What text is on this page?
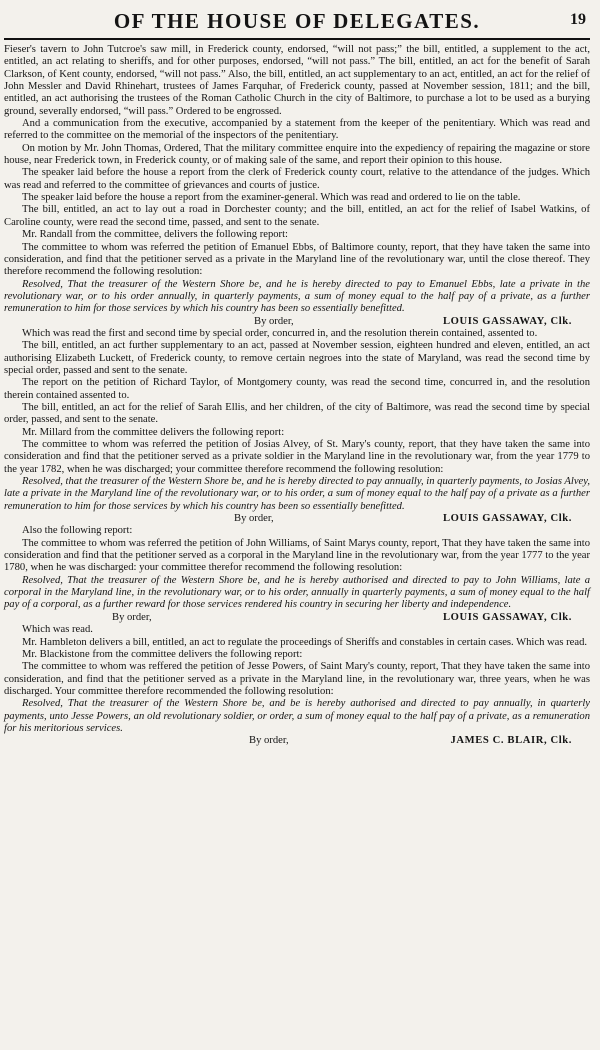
OF THE HOUSE OF DELEGATES.	19

Fieser's tavern to John Tutcroe's saw mill, in Frederick county, endorsed, “will not pass;” the bill, entitled, a supplement to the act, entitled, an act relating to sheriffs, and for other purposes, endorsed, “will not pass.” The bill, entitled, an act for the benefit of Sarah Clarkson, of Kent county, endorsed, “will not pass.” Also, the bill, entitled, an act supplementary to an act, entitled, an act for the relief of John Messler and David Rhinehart, trustees of James Farquhar, of Frederick county, passed at November session, 1811; and the bill, entitled, an act authorising the trustees of the Roman Catholic Church in the city of Baltimore, to purchase a lot to be used as a burying ground, severally endorsed, “will pass.” Ordered to be engrossed.

And a communication from the executive, accompanied by a statement from the keeper of the penitentiary. Which was read and referred to the committee on the memorial of the inspectors of the penitentiary.

On motion by Mr. John Thomas, Ordered, That the military committee enquire into the expediency of repairing the magazine or store house, near Frederick town, in Frederick county, or of making sale of the same, and report their opinion to this house.

The speaker laid before the house a report from the clerk of Frederick county court, relative to the attendance of the judges. Which was read and referred to the committee of grievances and courts of justice.

The speaker laid before the house a report from the examiner-general. Which was read and ordered to lie on the table.

The bill, entitled, an act to lay out a road in Dorchester county; and the bill, entitled, an act for the relief of Isabel Watkins, of Caroline county, were read the second time, passed, and sent to the senate.

Mr. Randall from the committee, delivers the following report:

The committee to whom was referred the petition of Emanuel Ebbs, of Baltimore county, report, that they have taken the same into consideration, and find that the petitioner served as a private in the Maryland line of the revolutionary war, until the close thereof. They therefore recommend the following resolution:

Resolved, That the treasurer of the Western Shore be, and he is hereby directed to pay to Emanuel Ebbs, late a private in the revolutionary war, or to his order annually, in quarterly payments, a sum of money equal to the half pay of a private, as a further remuneration to him for those services by which his country has been so essentially benefitted.

By order,	LOUIS GASSAWAY, Clk.

Which was read the first and second time by special order, concurred in, and the resolution therein contained, assented to.

The bill, entitled, an act further supplementary to an act, passed at November session, eighteen hundred and eleven, entitled, an act authorising Elizabeth Luckett, of Frederick county, to remove certain negroes into the state of Maryland, was read the second time by special order, passed and sent to the senate.

The report on the petition of Richard Taylor, of Montgomery county, was read the second time, concurred in, and the resolution therein contained assented to.

The bill, entitled, an act for the relief of Sarah Ellis, and her children, of the city of Baltimore, was read the second time by special order, passed, and sent to the senate.

Mr. Millard from the committee delivers the following report:

The committee to whom was referred the petition of Josias Alvey, of St. Mary's county, report, that they have taken the same into consideration and find that the petitioner served as a private soldier in the Maryland line in the revolutionary war, from the year 1779 to the year 1782, when he was discharged; your committee therefore recommend the following resolution:

Resolved, that the treasurer of the Western Shore be, and he is hereby directed to pay annually, in quarterly payments, to Josias Alvey, late a private in the Maryland line of the revolutionary war, or to his order, a sum of money equal to the half pay of a private as a further remuneration to him for those services by which his country has been so essentially benefitted.

By order,	LOUIS GASSAWAY, Clk.

Also the following report:

The committee to whom was referred the petition of John Williams, of Saint Marys county, report, That they have taken the same into consideration and find that the petitioner served as a corporal in the Maryland line in the revolutionary war, from the year 1777 to the year 1780, when he was discharged: your committee therefor recommend the following resolution:

Resolved, That the treasurer of the Western Shore be, and he is hereby authorised and directed to pay to John Williams, late a corporal in the Maryland line, in the revolutionary war, or to his order, annually in quarterly payments, a sum of money equal to the half pay of a corporal, as a further reward for those services rendered his country in securing her liberty and independence.

By order,	LOUIS GASSAWAY, Clk.

Which was read.

Mr. Hambleton delivers a bill, entitled, an act to regulate the proceedings of Sheriffs and constables in certain cases. Which was read.

Mr. Blackistone from the committee delivers the following report:

The committee to whom was reffered the petition of Jesse Powers, of Saint Mary's county, report, That they have taken the same into consideration, and find that the petitioner served as a private in the Maryland line, in the revolutionary war, three years, when he was discharged. Your committee therefore recommended the following resolution:

Resolved, That the treasurer of the Western Shore be, and be is hereby authorised and directed to pay annually, in quarterly payments, unto Jesse Powers, an old revolutionary soldier, or order, a sum of money equal to the half pay of a private, as a remuneration for his meritorious services.

By order,	JAMES C. BLAIR, Clk.
